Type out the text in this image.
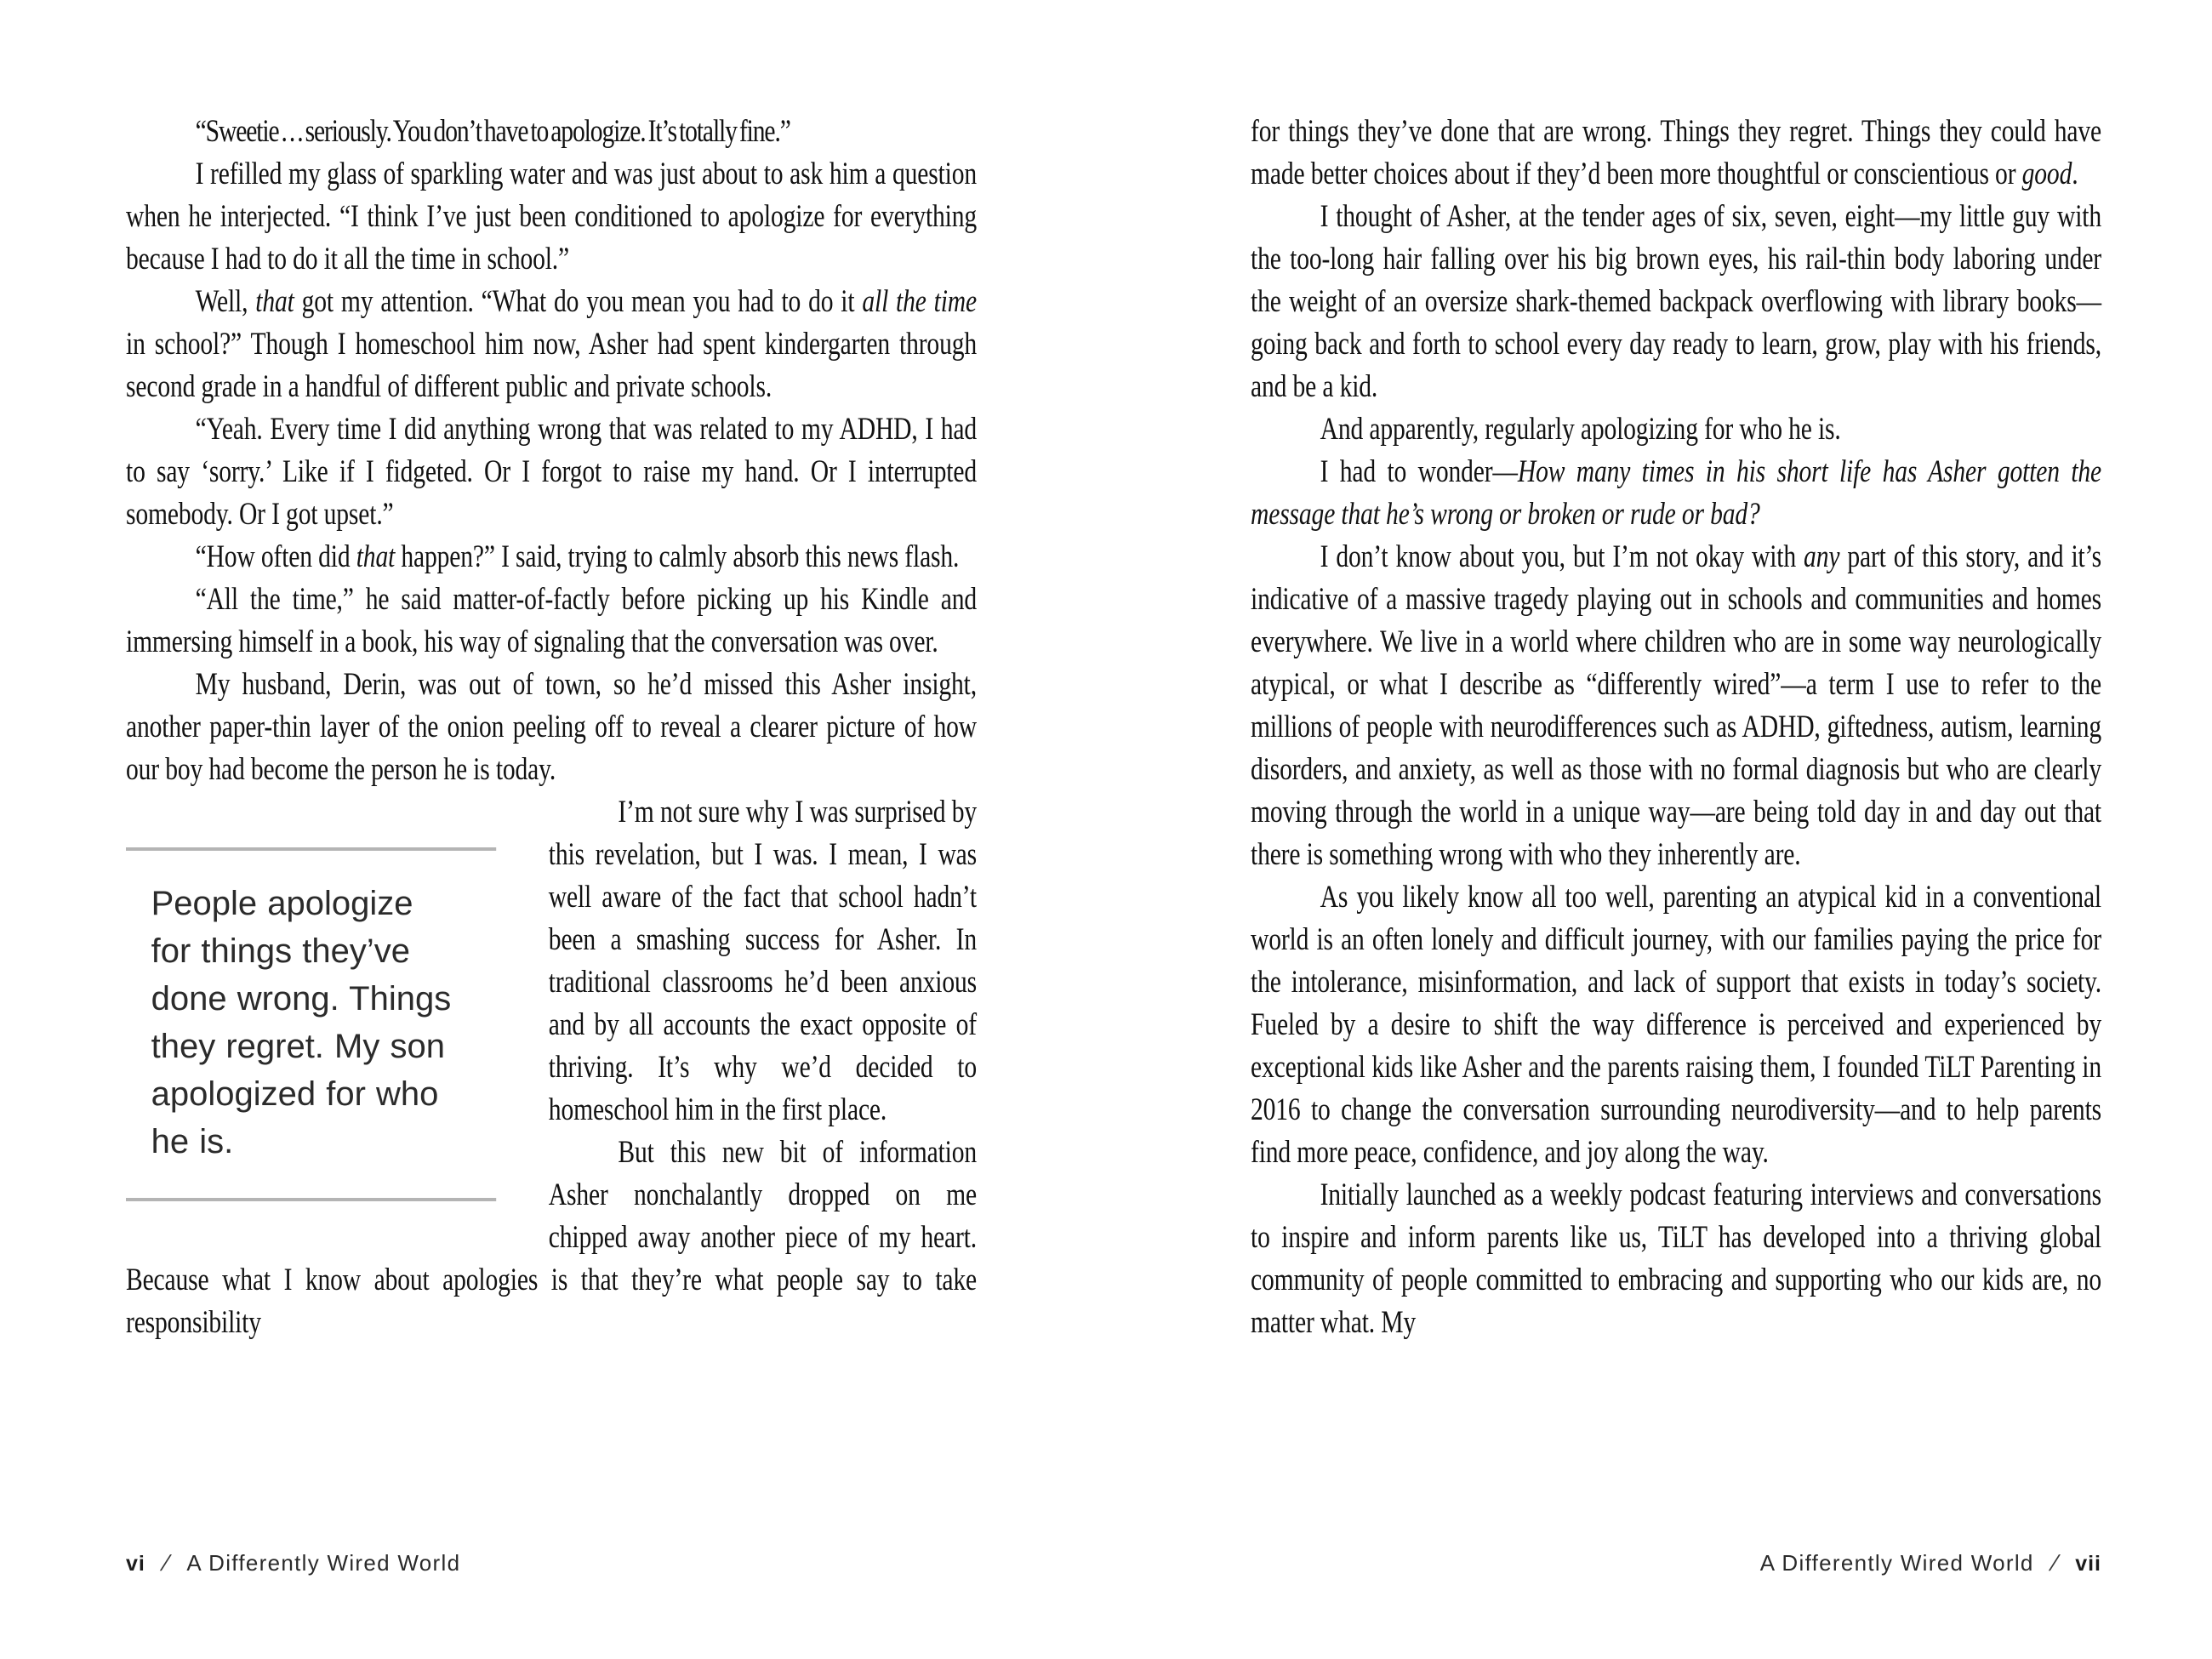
“Sweetie . . . seriously. You don’t have to apologize. It’s totally fine.”

I refilled my glass of sparkling water and was just about to ask him a question when he interjected. “I think I’ve just been conditioned to apologize for everything because I had to do it all the time in school.”

Well, that got my attention. “What do you mean you had to do it all the time in school?” Though I homeschool him now, Asher had spent kindergarten through second grade in a handful of different public and private schools.

“Yeah. Every time I did anything wrong that was related to my ADHD, I had to say ‘sorry.’ Like if I fidgeted. Or I forgot to raise my hand. Or I interrupted somebody. Or I got upset.”

“How often did that happen?” I said, trying to calmly absorb this news flash.

“All the time,” he said matter-of-factly before picking up his Kindle and immersing himself in a book, his way of signaling that the conversation was over.

My husband, Derin, was out of town, so he’d missed this Asher insight, another paper-thin layer of the onion peeling off to reveal a clearer picture of how our boy had become the person he is today.

People apologize for things they’ve done wrong. Things they regret. My son apologized for who he is.

I’m not sure why I was surprised by this revelation, but I was. I mean, I was well aware of the fact that school hadn’t been a smashing success for Asher. In traditional classrooms he’d been anxious and by all accounts the exact opposite of thriving. It’s why we’d decided to homeschool him in the first place.

But this new bit of information Asher nonchalantly dropped on me chipped away another piece of my heart. Because what I know about apologies is that they’re what people say to take responsibility

vi / A Differently Wired World

for things they’ve done that are wrong. Things they regret. Things they could have made better choices about if they’d been more thoughtful or conscientious or good.

I thought of Asher, at the tender ages of six, seven, eight—my little guy with the too-long hair falling over his big brown eyes, his rail-thin body laboring under the weight of an oversize shark-themed backpack overflowing with library books—going back and forth to school every day ready to learn, grow, play with his friends, and be a kid.

And apparently, regularly apologizing for who he is.

I had to wonder—How many times in his short life has Asher gotten the message that he’s wrong or broken or rude or bad?

I don’t know about you, but I’m not okay with any part of this story, and it’s indicative of a massive tragedy playing out in schools and communities and homes everywhere. We live in a world where children who are in some way neurologically atypical, or what I describe as “differently wired”—a term I use to refer to the millions of people with neurodifferences such as ADHD, giftedness, autism, learning disorders, and anxiety, as well as those with no formal diagnosis but who are clearly moving through the world in a unique way—are being told day in and day out that there is something wrong with who they inherently are.

As you likely know all too well, parenting an atypical kid in a conventional world is an often lonely and difficult journey, with our families paying the price for the intolerance, misinformation, and lack of support that exists in today’s society. Fueled by a desire to shift the way difference is perceived and experienced by exceptional kids like Asher and the parents raising them, I founded TiLT Parenting in 2016 to change the conversation surrounding neurodiversity—and to help parents find more peace, confidence, and joy along the way.

Initially launched as a weekly podcast featuring interviews and conversations to inspire and inform parents like us, TiLT has developed into a thriving global community of people committed to embracing and supporting who our kids are, no matter what. My

A Differently Wired World / vii
